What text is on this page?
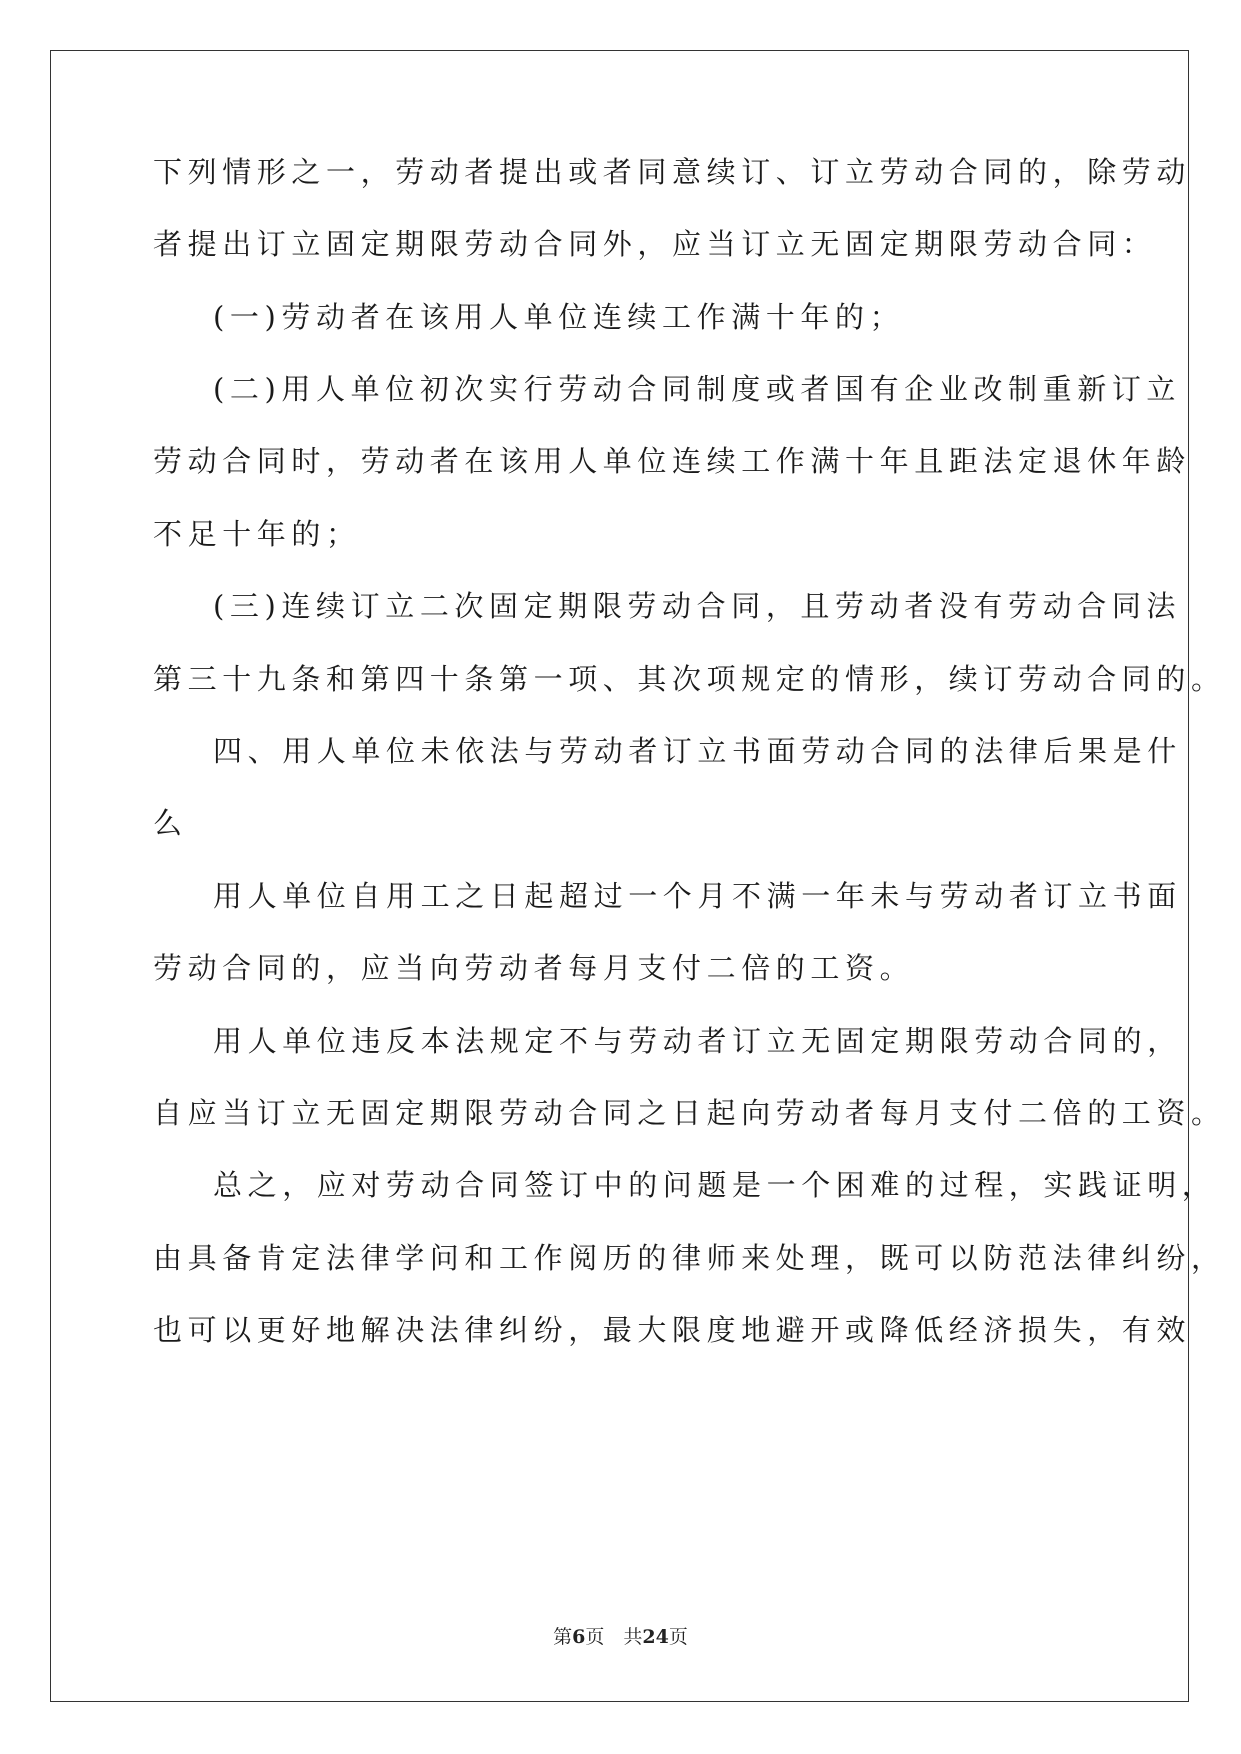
下列情形之一，劳动者提出或者同意续订、订立劳动合同的，除劳动
者提出订立固定期限劳动合同外，应当订立无固定期限劳动合同：
(一)劳动者在该用人单位连续工作满十年的；
(二)用人单位初次实行劳动合同制度或者国有企业改制重新订立
劳动合同时，劳动者在该用人单位连续工作满十年且距法定退休年龄
不足十年的；
(三)连续订立二次固定期限劳动合同，且劳动者没有劳动合同法
第三十九条和第四十条第一项、其次项规定的情形，续订劳动合同的。
四、用人单位未依法与劳动者订立书面劳动合同的法律后果是什
么
用人单位自用工之日起超过一个月不满一年未与劳动者订立书面
劳动合同的，应当向劳动者每月支付二倍的工资。
用人单位违反本法规定不与劳动者订立无固定期限劳动合同的，
自应当订立无固定期限劳动合同之日起向劳动者每月支付二倍的工资。
总之，应对劳动合同签订中的问题是一个困难的过程，实践证明，
由具备肯定法律学问和工作阅历的律师来处理，既可以防范法律纠纷，
也可以更好地解决法律纠纷，最大限度地避开或降低经济损失，有效
第6页　共24页
